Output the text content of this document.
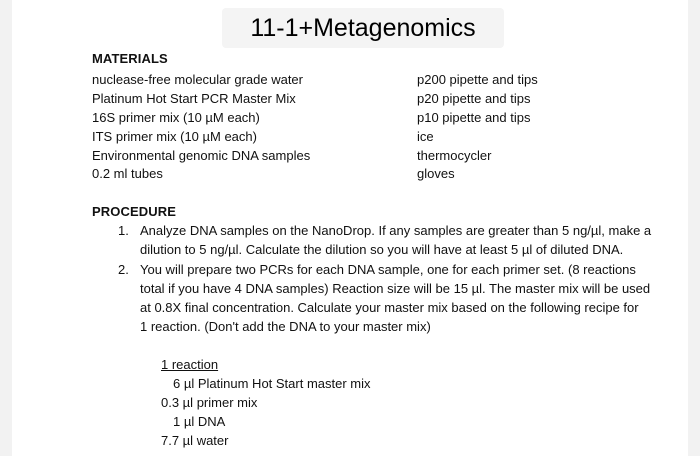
11-1+Metagenomics
MATERIALS
nuclease-free molecular grade water
Platinum Hot Start PCR Master Mix
16S primer mix (10 µM each)
ITS primer mix (10 µM each)
Environmental genomic DNA samples
0.2 ml tubes
p200 pipette and tips
p20 pipette and tips
p10 pipette and tips
ice
thermocycler
gloves
PROCEDURE
1. Analyze DNA samples on the NanoDrop. If any samples are greater than 5 ng/µl, make a
dilution to 5 ng/µl. Calculate the dilution so you will have at least 5 µl of diluted DNA.
2. You will prepare two PCRs for each DNA sample, one for each primer set. (8 reactions
total if you have 4 DNA samples) Reaction size will be 15 µl. The master mix will be used
at 0.8X final concentration. Calculate your master mix based on the following recipe for
1 reaction. (Don't add the DNA to your master mix)
1 reaction
6 µl Platinum Hot Start master mix
0.3 µl primer mix
1 µl DNA
7.7 µl water
